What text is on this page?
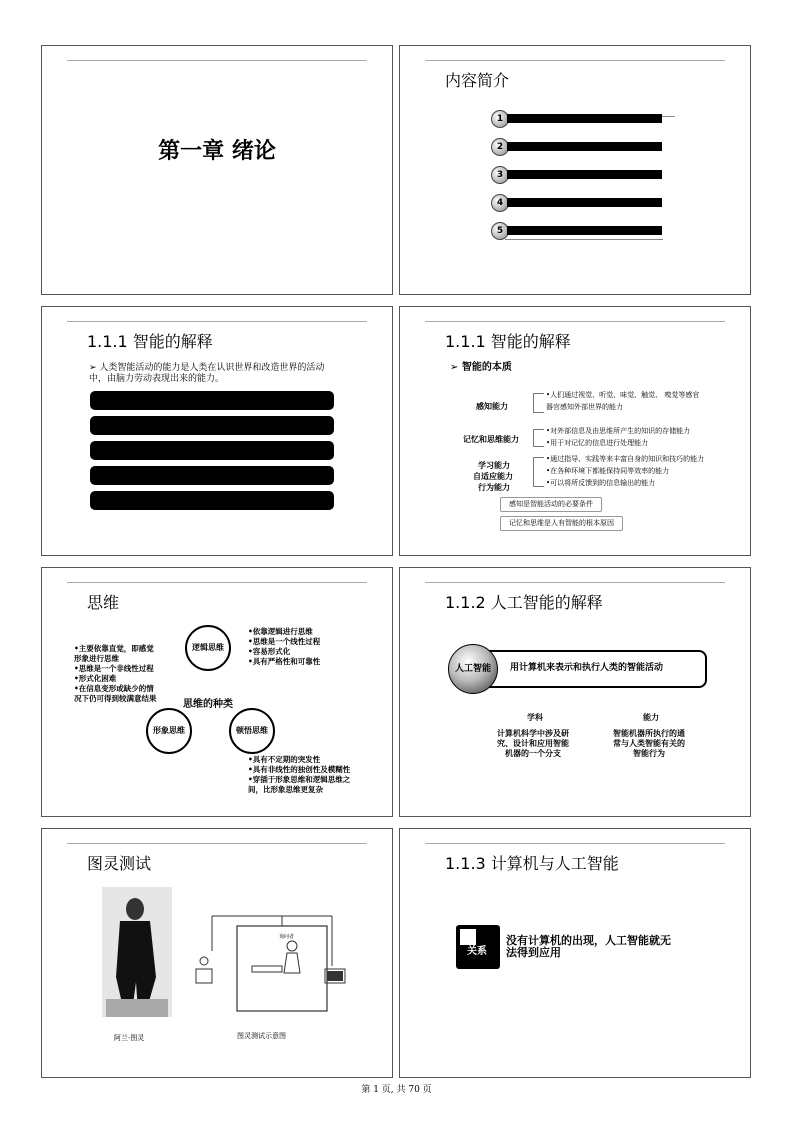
第一章 绪论
内容简介
1
2
3
4
5
1.1.1 智能的解释
➢ 人类智能活动的能力是人类在认识世界和改造世界的活动中，由脑力劳动表现出来的能力。
1.1.1 智能的解释
➢ 智能的本质
感知能力
记忆和思维能力
学习能力
自适应能力
行为能力
•人们通过视觉、听觉、味觉、触觉、 嗅觉等感官
器官感知外部世界的能力
•对外部信息及由思维所产生的知识的存储能力
•用于对记忆的信息进行处理能力
•通过指导、实践等来丰富自身的知识和技巧的能力
•在各种环境下都能保持同等效率的能力
•可以将所反馈到的信息输出的能力
感知是智能活动的必要条件
记忆和思维是人有智能的根本原因
思维
逻辑思维
形象思维	顿悟思维
思维的种类
•主要依靠直觉，即感觉
形象进行思维
•思维是一个非线性过程
•形式化困难
•在信息变形或缺少的情
况下仍可得到较满意结果
•依靠逻辑进行思维
•思维是一个线性过程
•容易形式化
•具有严格性和可靠性
•具有不定期的突发性
•具有非线性的独创性及模糊性
•穿插于形象思维和逻辑思维之
间，比形象思维更复杂
1.1.2 人工智能的解释
人工智能 用计算机来表示和执行人类的智能活动
学科
计算机科学中涉及研
究、设计和应用智能
机器的一个分支
能力
智能机器所执行的通
常与人类智能有关的
智能行为
图灵测试
询问者
阿兰·图灵	图灵测试示意图
1.1.3 计算机与人工智能
关系
没有计算机的出现，人工智能就无
法得到应用
第 1 页, 共 70 页
